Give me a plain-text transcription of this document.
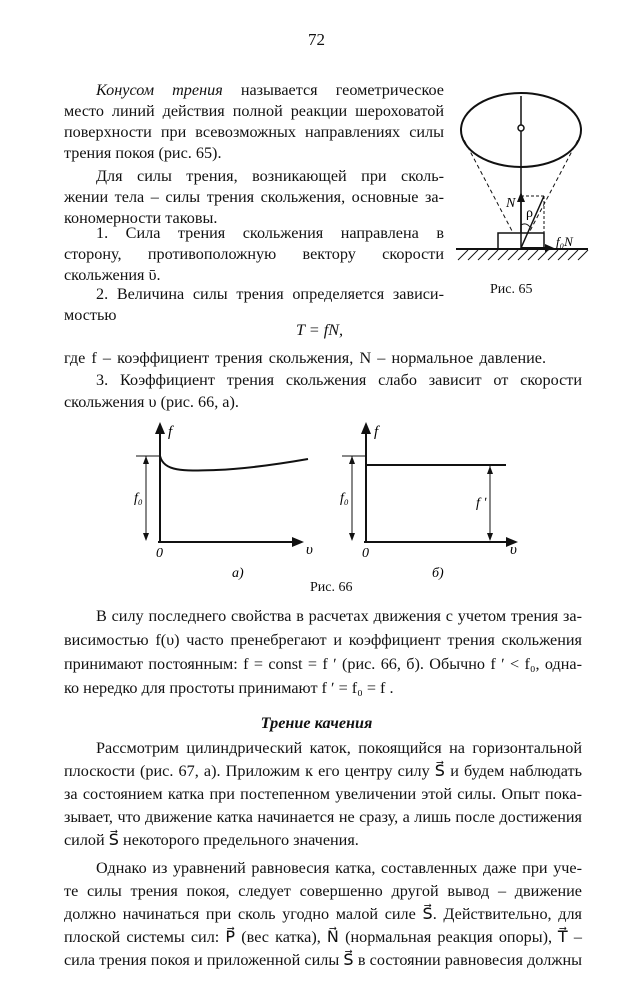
72
Конусом трения называется геометрическое
место линий действия полной реакции шероховатой
поверхности при всевозможных направлениях силы
трения покоя (рис. 65).
Для силы трения, возникающей при сколь-
жении тела – силы трения скольжения, основные за-
кономерности таковы.
1. Сила трения скольжения направлена в
сторону, противоположную вектору скорости
скольжения ῡ.
2. Величина силы трения определяется зависи-
мостью
T = fN,
где f – коэффициент трения скольжения, N – нормальное давление.
3. Коэффициент трения скольжения слабо зависит от скорости
скольжения υ (рис. 66, а).
N
ρ
f₀N
Рис. 65
f
f₀
0	υ
а)
f
f₀	f ʹ
0	υ
б)
Рис. 66
В силу последнего свойства в расчетах движения с учетом трения за-
висимостью f(υ) часто пренебрегают и коэффициент трения скольжения
принимают постоянным: f = const = f ʹ (рис. 66, б). Обычно f ʹ < f₀, одна-
ко нередко для простоты принимают f ʹ = f₀ = f .
Трение качения
Рассмотрим цилиндрический каток, покоящийся на горизонтальной
плоскости (рис. 67, а). Приложим к его центру силу S⃗ и будем наблюдать
за состоянием катка при постепенном увеличении этой силы. Опыт пока-
зывает, что движение катка начинается не сразу, а лишь после достижения
силой S⃗ некоторого предельного значения.
Однако из уравнений равновесия катка, составленных даже при уче-
те силы трения покоя, следует совершенно другой вывод – движение
должно начинаться при сколь угодно малой силе S⃗. Действительно, для
плоской системы сил: P⃗ (вес катка), N⃗ (нормальная реакция опоры), T⃗ –
сила трения покоя и приложенной силы S⃗ в состоянии равновесия должны
